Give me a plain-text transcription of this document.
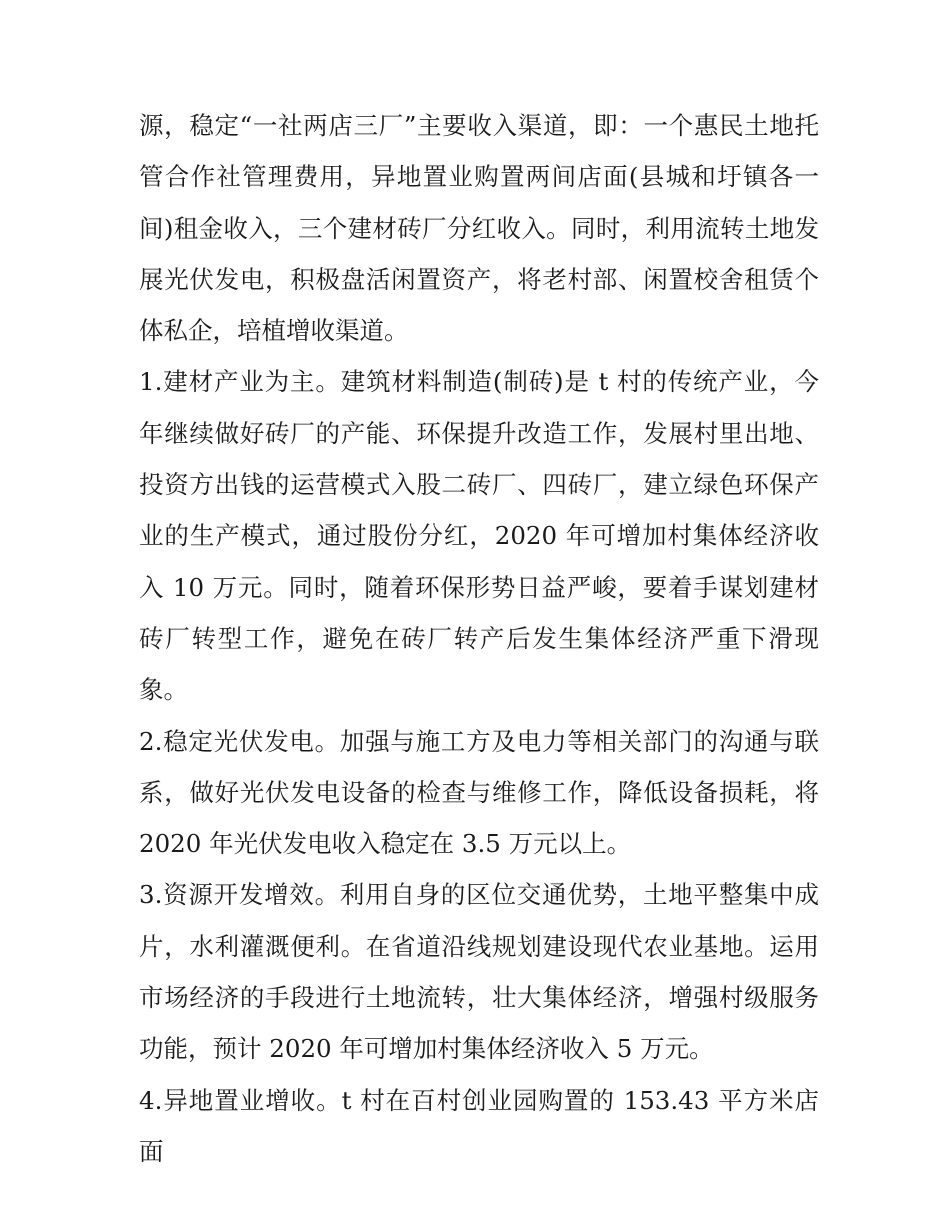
源，稳定“一社两店三厂”主要收入渠道，即：一个惠民土地托管合作社管理费用，异地置业购置两间店面(县城和圩镇各一间)租金收入，三个建材砖厂分红收入。同时，利用流转土地发展光伏发电，积极盘活闲置资产，将老村部、闲置校舍租赁个体私企，培植增收渠道。

1.建材产业为主。建筑材料制造(制砖)是 t 村的传统产业，今年继续做好砖厂的产能、环保提升改造工作，发展村里出地、投资方出钱的运营模式入股二砖厂、四砖厂，建立绿色环保产业的生产模式，通过股份分红，2020 年可增加村集体经济收入 10 万元。同时，随着环保形势日益严峻，要着手谋划建材砖厂转型工作，避免在砖厂转产后发生集体经济严重下滑现象。

2.稳定光伏发电。加强与施工方及电力等相关部门的沟通与联系，做好光伏发电设备的检查与维修工作，降低设备损耗，将 2020 年光伏发电收入稳定在 3.5 万元以上。

3.资源开发增效。利用自身的区位交通优势，土地平整集中成片，水利灌溉便利。在省道沿线规划建设现代农业基地。运用市场经济的手段进行土地流转，壮大集体经济，增强村级服务功能，预计 2020 年可增加村集体经济收入 5 万元。

4.异地置业增收。t 村在百村创业园购置的 153.43 平方米店面
